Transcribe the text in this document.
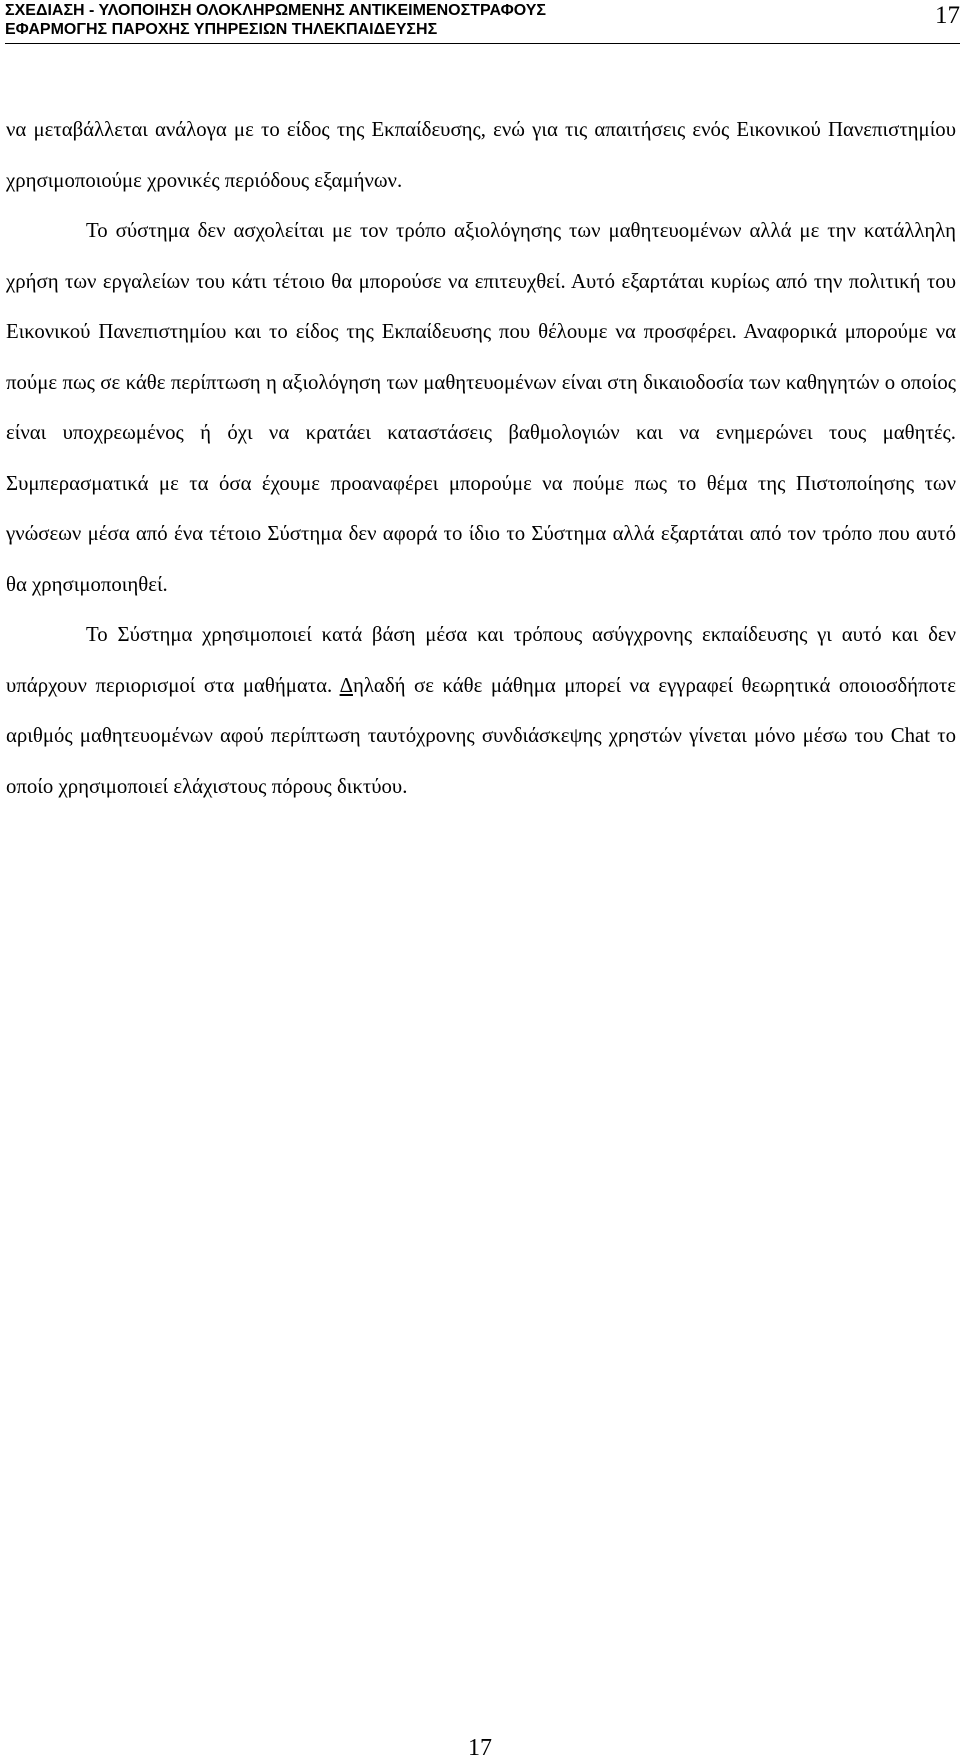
ΣΧΕΔΙΑΣΗ - ΥΛΟΠΟΙΗΣΗ ΟΛΟΚΛΗΡΩΜΕΝΗΣ ΑΝΤΙΚΕΙΜΕΝΟΣΤΡΑΦΟΥΣ
ΕΦΑΡΜΟΓΗΣ ΠΑΡΟΧΗΣ ΥΠΗΡΕΣΙΩΝ ΤΗΛΕΚΠΑΙΔΕΥΣΗΣ
17

να μεταβάλλεται ανάλογα με το είδος της Εκπαίδευσης, ενώ για τις απαιτήσεις ενός Εικονικού Πανεπιστημίου χρησιμοποιούμε χρονικές περιόδους εξαμήνων.

Το σύστημα δεν ασχολείται με τον τρόπο αξιολόγησης των μαθητευομένων αλλά με την κατάλληλη χρήση των εργαλείων του κάτι τέτοιο θα μπορούσε να επιτευχθεί. Αυτό εξαρτάται κυρίως από την πολιτική του Εικονικού Πανεπιστημίου και το είδος της Εκπαίδευσης που θέλουμε να προσφέρει. Αναφορικά μπορούμε να πούμε πως σε κάθε περίπτωση η αξιολόγηση των μαθητευομένων είναι στη δικαιοδοσία των καθηγητών ο οποίος είναι υποχρεωμένος ή όχι να κρατάει καταστάσεις βαθμολογιών και να ενημερώνει τους μαθητές. Συμπερασματικά με τα όσα έχουμε προαναφέρει μπορούμε να πούμε πως το θέμα της Πιστοποίησης των γνώσεων μέσα από ένα τέτοιο Σύστημα δεν αφορά το ίδιο το Σύστημα αλλά εξαρτάται από τον τρόπο που αυτό θα χρησιμοποιηθεί.

Το Σύστημα χρησιμοποιεί κατά βάση μέσα και τρόπους ασύγχρονης εκπαίδευσης γι αυτό και δεν υπάρχουν περιορισμοί στα μαθήματα. Δηλαδή σε κάθε μάθημα μπορεί να εγγραφεί θεωρητικά οποιοσδήποτε αριθμός μαθητευομένων αφού περίπτωση ταυτόχρονης συνδιάσκεψης χρηστών γίνεται μόνο μέσω του Chat το οποίο χρησιμοποιεί ελάχιστους πόρους δικτύου.

17
